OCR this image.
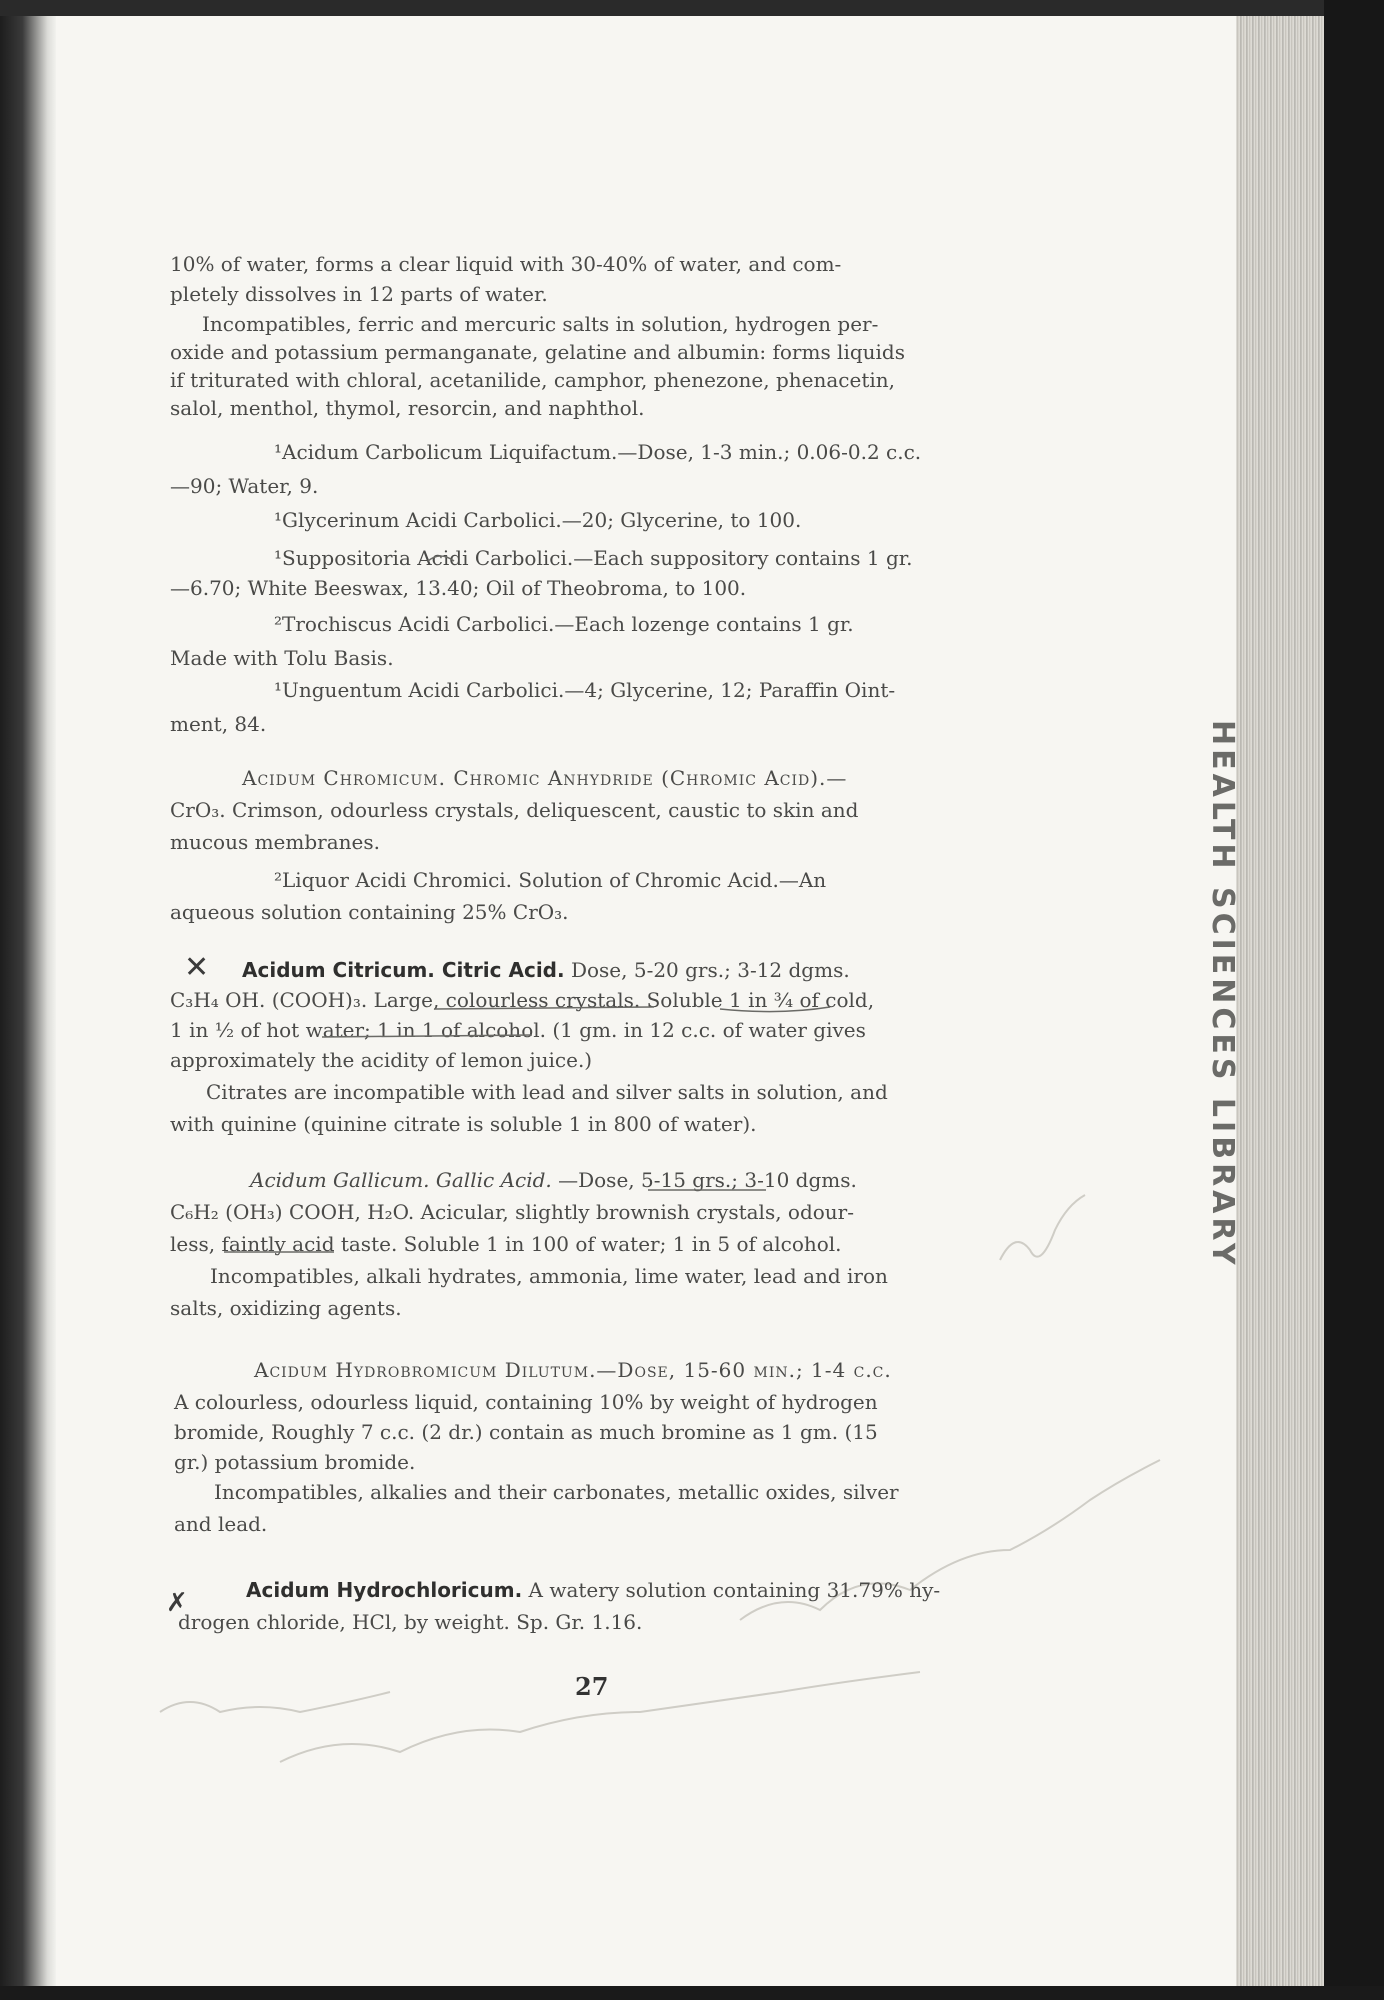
HEALTH SCIENCES LIBRARY
10% of water, forms a clear liquid with 30-40% of water, and com-
pletely dissolves in 12 parts of water.
Incompatibles, ferric and mercuric salts in solution, hydrogen per-
oxide and potassium permanganate, gelatine and albumin: forms liquids
if triturated with chloral, acetanilide, camphor, phenezone, phenacetin,
salol, menthol, thymol, resorcin, and naphthol.
¹Acidum Carbolicum Liquifactum.—Dose, 1-3 min.; 0.06-0.2 c.c.
—90; Water, 9.
¹Glycerinum Acidi Carbolici.—20; Glycerine, to 100.
¹Suppositoria Acidi Carbolici.—Each suppository contains 1 gr.
—6.70; White Beeswax, 13.40; Oil of Theobroma, to 100.
²Trochiscus Acidi Carbolici.—Each lozenge contains 1 gr.
Made with Tolu Basis.
¹Unguentum Acidi Carbolici.—4; Glycerine, 12; Paraffin Oint-
ment, 84.
Acidum Chromicum. Chromic Anhydride (Chromic Acid).—
CrO₃. Crimson, odourless crystals, deliquescent, caustic to skin and
mucous membranes.
²Liquor Acidi Chromici. Solution of Chromic Acid.—An
aqueous solution containing 25% CrO₃.
Acidum Citricum. Citric Acid. Dose, 5-20 grs.; 3-12 dgms.
C₃H₄ OH. (COOH)₃. Large, colourless crystals. Soluble 1 in ¾ of cold,
1 in ½ of hot water; 1 in 1 of alcohol. (1 gm. in 12 c.c. of water gives
approximately the acidity of lemon juice.)
Citrates are incompatible with lead and silver salts in solution, and
with quinine (quinine citrate is soluble 1 in 800 of water).
Acidum Gallicum. Gallic Acid. —Dose, 5-15 grs.; 3-10 dgms.
C₆H₂ (OH₃) COOH, H₂O. Acicular, slightly brownish crystals, odour-
less, faintly acid taste. Soluble 1 in 100 of water; 1 in 5 of alcohol.
Incompatibles, alkali hydrates, ammonia, lime water, lead and iron
salts, oxidizing agents.
Acidum Hydrobromicum Dilutum.—Dose, 15-60 min.; 1-4 c.c.
A colourless, odourless liquid, containing 10% by weight of hydrogen
bromide, Roughly 7 c.c. (2 dr.) contain as much bromine as 1 gm. (15
gr.) potassium bromide.
Incompatibles, alkalies and their carbonates, metallic oxides, silver
and lead.
Acidum Hydrochloricum. A watery solution containing 31.79% hy-
drogen chloride, HCl, by weight. Sp. Gr. 1.16.
✕
✗
27
